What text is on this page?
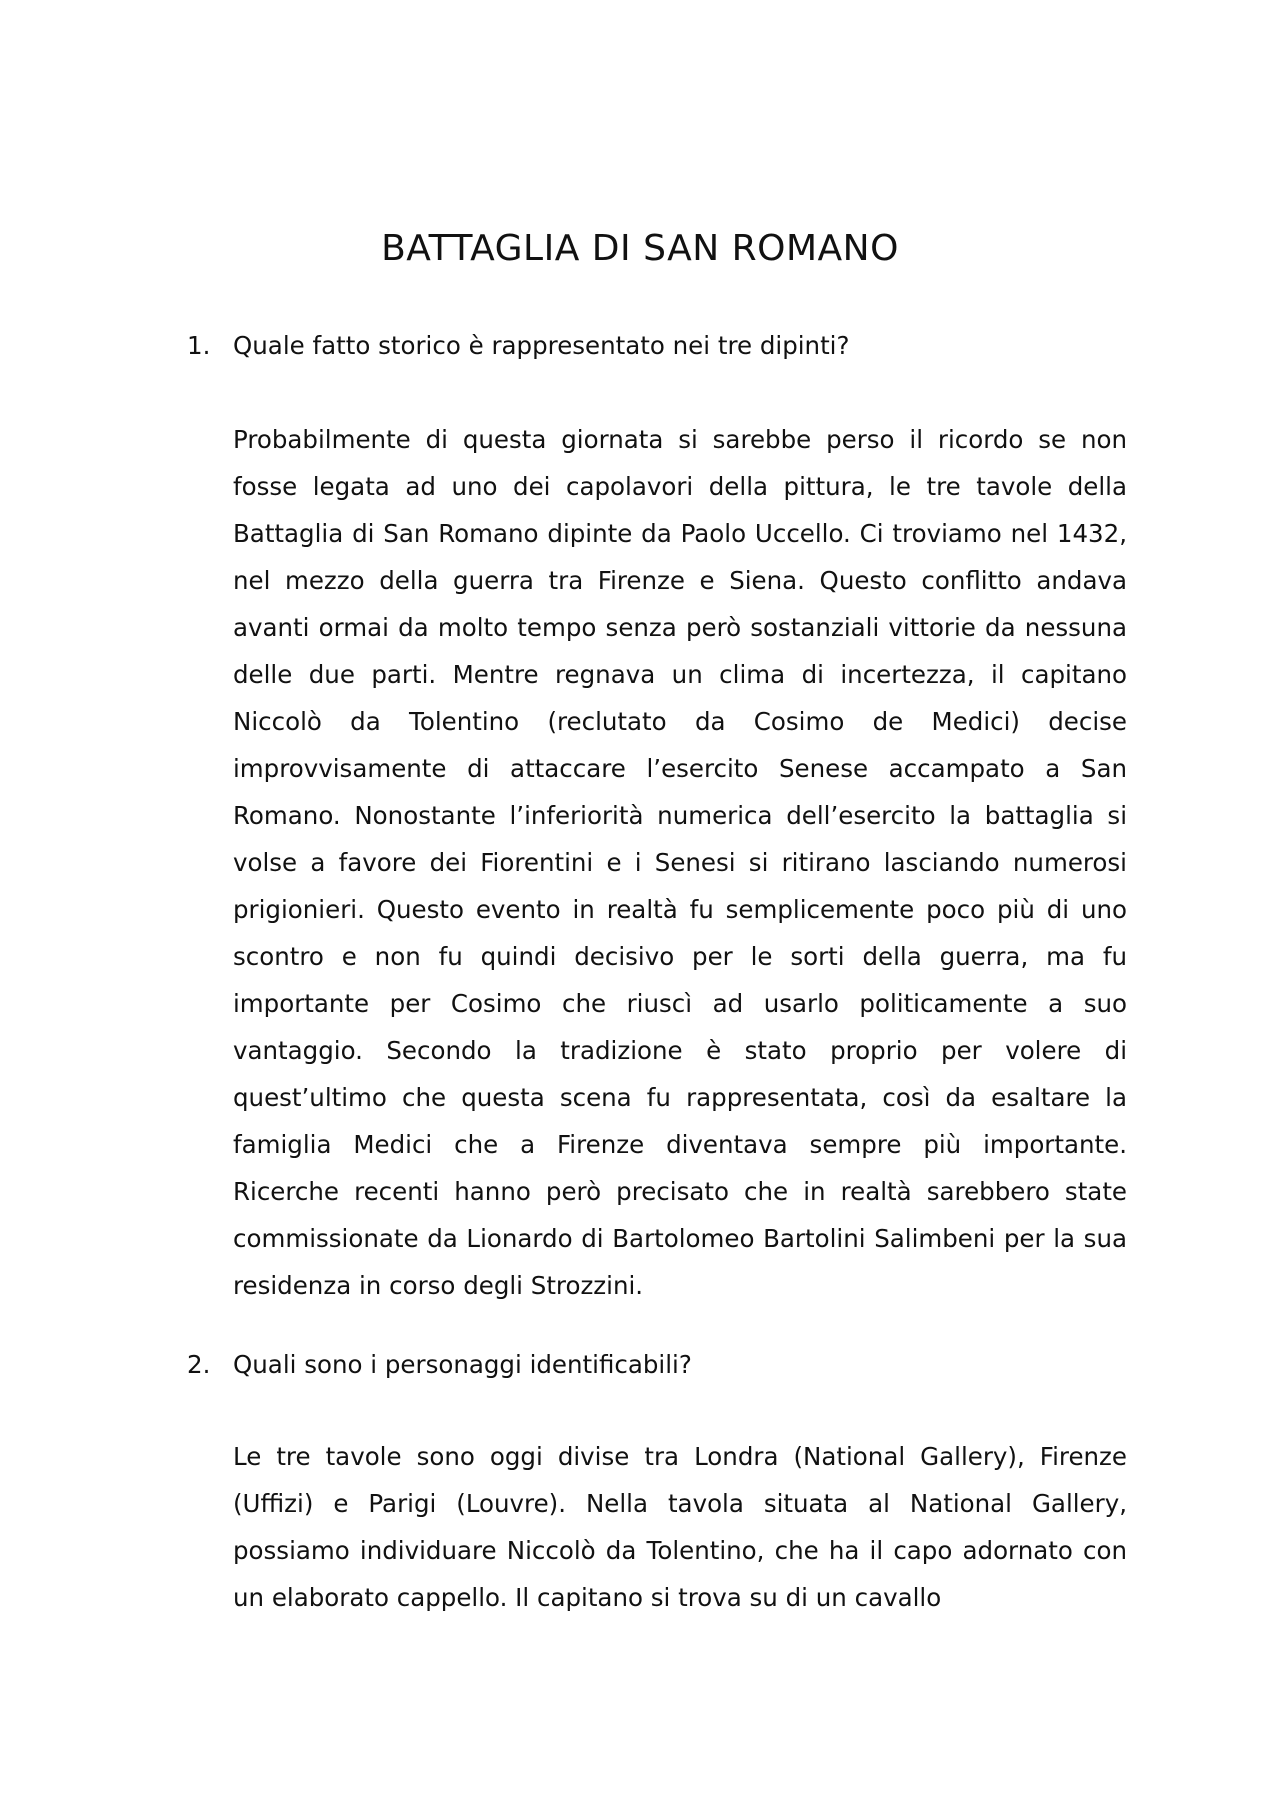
BATTAGLIA DI SAN ROMANO

1. Quale fatto storico è rappresentato nei tre dipinti?

Probabilmente di questa giornata si sarebbe perso il ricordo se non fosse legata ad uno dei capolavori della pittura, le tre tavole della Battaglia di San Romano dipinte da Paolo Uccello. Ci troviamo nel 1432, nel mezzo della guerra tra Firenze e Siena. Questo conflitto andava avanti ormai da molto tempo senza però sostanziali vittorie da nessuna delle due parti. Mentre regnava un clima di incertezza, il capitano Niccolò da Tolentino (reclutato da Cosimo de Medici) decise improvvisamente di attaccare l’esercito Senese accampato a San Romano. Nonostante l’inferiorità numerica dell’esercito la battaglia si volse a favore dei Fiorentini e i Senesi si ritirano lasciando numerosi prigionieri. Questo evento in realtà fu semplicemente poco più di uno scontro e non fu quindi decisivo per le sorti della guerra, ma fu importante per Cosimo che riuscì ad usarlo politicamente a suo vantaggio. Secondo la tradizione è stato proprio per volere di quest’ultimo che questa scena fu rappresentata, così da esaltare la famiglia Medici che a Firenze diventava sempre più importante. Ricerche recenti hanno però precisato che in realtà sarebbero state commissionate da Lionardo di Bartolomeo Bartolini Salimbeni per la sua residenza in corso degli Strozzini.

2. Quali sono i personaggi identificabili?

Le tre tavole sono oggi divise tra Londra (National Gallery), Firenze (Uffizi) e Parigi (Louvre). Nella tavola situata al National Gallery, possiamo individuare Niccolò da Tolentino, che ha il capo adornato con un elaborato cappello. Il capitano si trova su di un cavallo
